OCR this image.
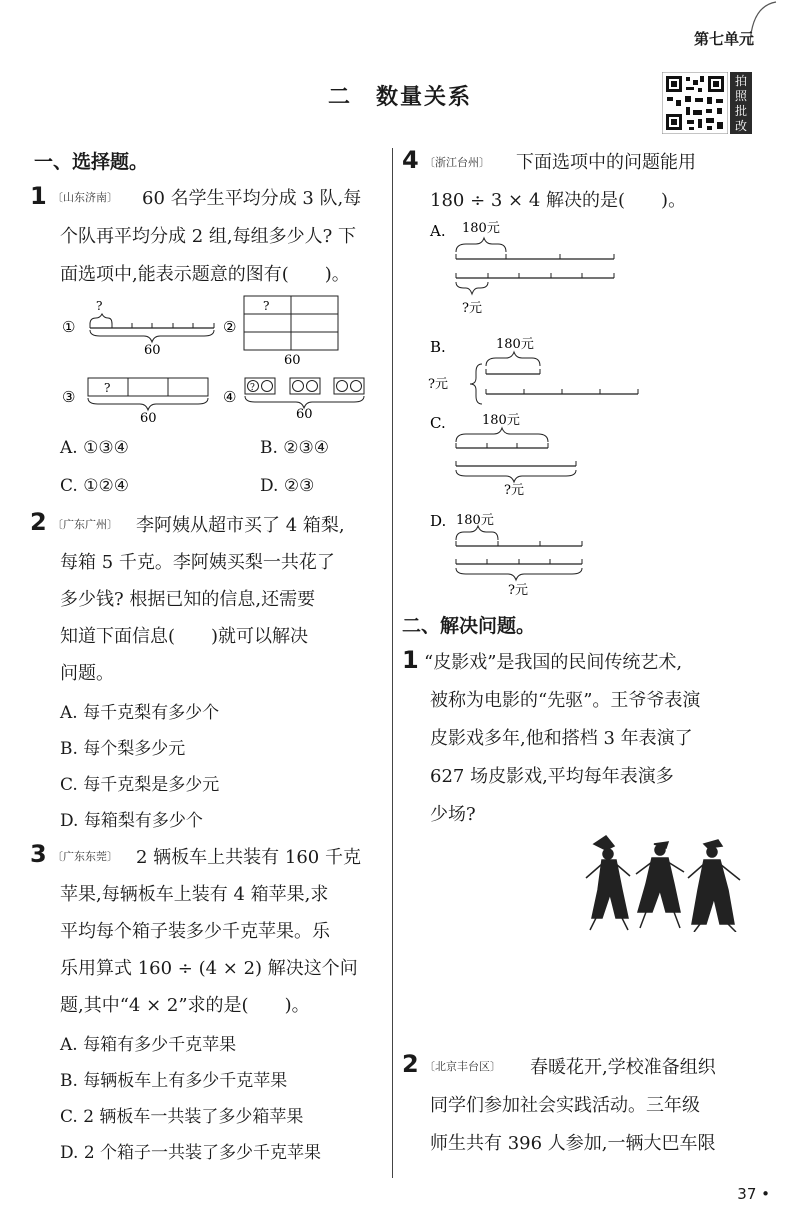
第七单元
二　数量关系
拍照批改
一、选择题。
1 〔山东济南〕 60 名学生平均分成 3 队,每
个队再平均分成 2 组,每组多少人? 下
面选项中,能表示题意的图有(　　)。
①
?
60
②
?
60
③ ?
60
④ ?
60
A. ①③④	B. ②③④
C. ①②④	D. ②③
2 〔广东广州〕 李阿姨从超市买了 4 箱梨,
每箱 5 千克。李阿姨买梨一共花了
多少钱? 根据已知的信息,还需要
知道下面信息(　　)就可以解决
问题。
A. 每千克梨有多少个
B. 每个梨多少元
C. 每千克梨是多少元
D. 每箱梨有多少个
3 〔广东东莞〕 2 辆板车上共装有 160 千克
苹果,每辆板车上装有 4 箱苹果,求
平均每个箱子装多少千克苹果。乐
乐用算式 160 ÷ (4 × 2) 解决这个问
题,其中“4 × 2”求的是(　　)。
A. 每箱有多少千克苹果
B. 每辆板车上有多少千克苹果
C. 2 辆板车一共装了多少箱苹果
D. 2 个箱子一共装了多少千克苹果
4 〔浙江台州〕 下面选项中的问题能用
180 ÷ 3 × 4 解决的是(　　)。
A. 180元
?元
B.	180元
?元
C.	180元
?元
D. 180元
?元
二、解决问题。
1 “皮影戏”是我国的民间传统艺术,
被称为电影的“先驱”。王爷爷表演
皮影戏多年,他和搭档 3 年表演了
627 场皮影戏,平均每年表演多
少场?
2 〔北京丰台区〕 春暖花开,学校准备组织
同学们参加社会实践活动。三年级
师生共有 396 人参加,一辆大巴车限
37 •
